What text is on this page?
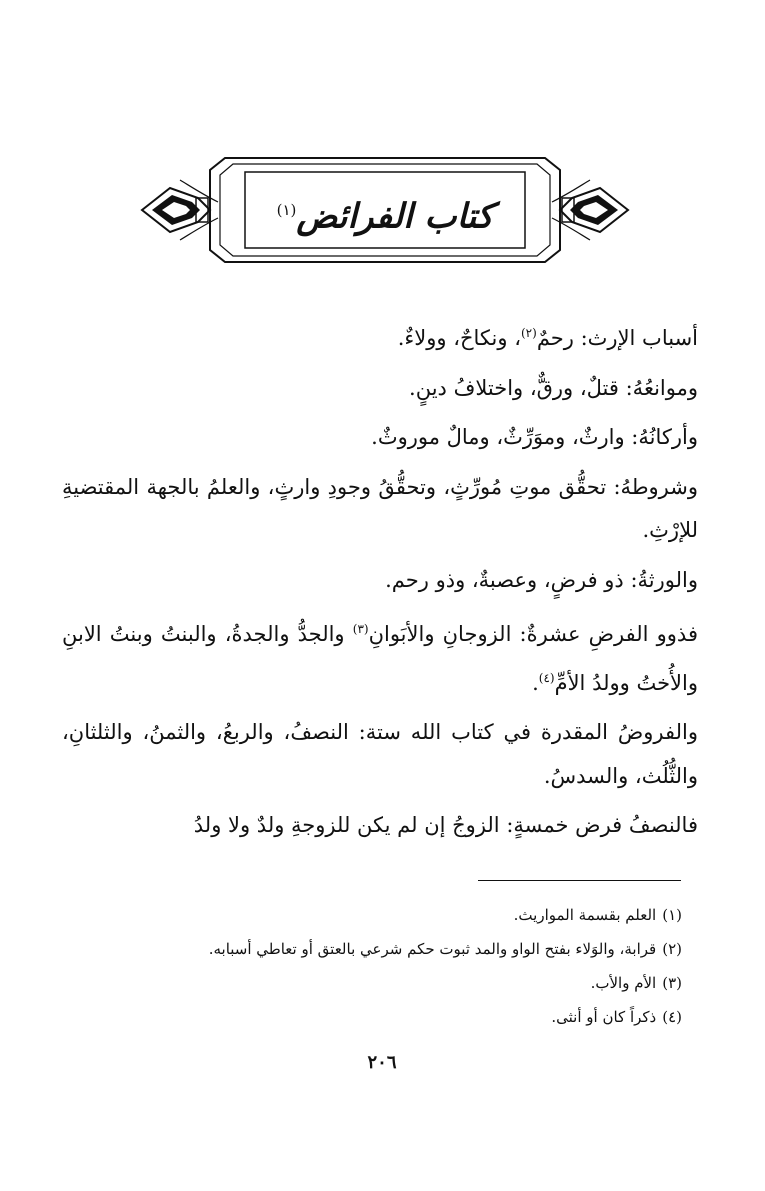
كتاب الفرائض$^{(١)}$
أسباب الإرث: رحمٌ$^{(٢)}$، ونكاحٌ، وولاءٌ.
وموانعُهُ: قتلٌ، ورقٌّ، واختلافُ دينٍ.
وأركانُهُ: وارثٌ، وموَرِّثٌ، ومالٌ موروثٌ.
وشروطهُ: تحقُّق موتِ مُورِّثٍ، وتحقُّقُ وجودِ وارثٍ، والعلمُ بالجهة المقتضيةِ للإرْثِ.
والورثةُ: ذو فرضٍ، وعصبةٌ، وذو رحم.
فذوو الفرضِ عشرةٌ: الزوجانِ والأبَوانِ$^{(٣)}$ والجدُّ والجدةُ، والبنتُ وبنتُ الابنِ والأُختُ وولدُ الأمِّ$^{(٤)}$.
والفروضُ المقدرة في كتاب الله ستة: النصفُ، والربعُ، والثمنُ، والثلثانِ، والثُّلُث، والسدسُ.
فالنصفُ فرض خمسةٍ: الزوجُ إن لم يكن للزوجةِ ولدٌ ولا ولدُ
(١)العلم بقسمة المواريث.
(٢)قرابة، والوَلاء بفتح الواو والمد ثبوت حكم شرعي بالعتق أو تعاطي أسبابه.
(٣)الأم والأب.
(٤)ذكراً كان أو أنثى.
٢٠٦
